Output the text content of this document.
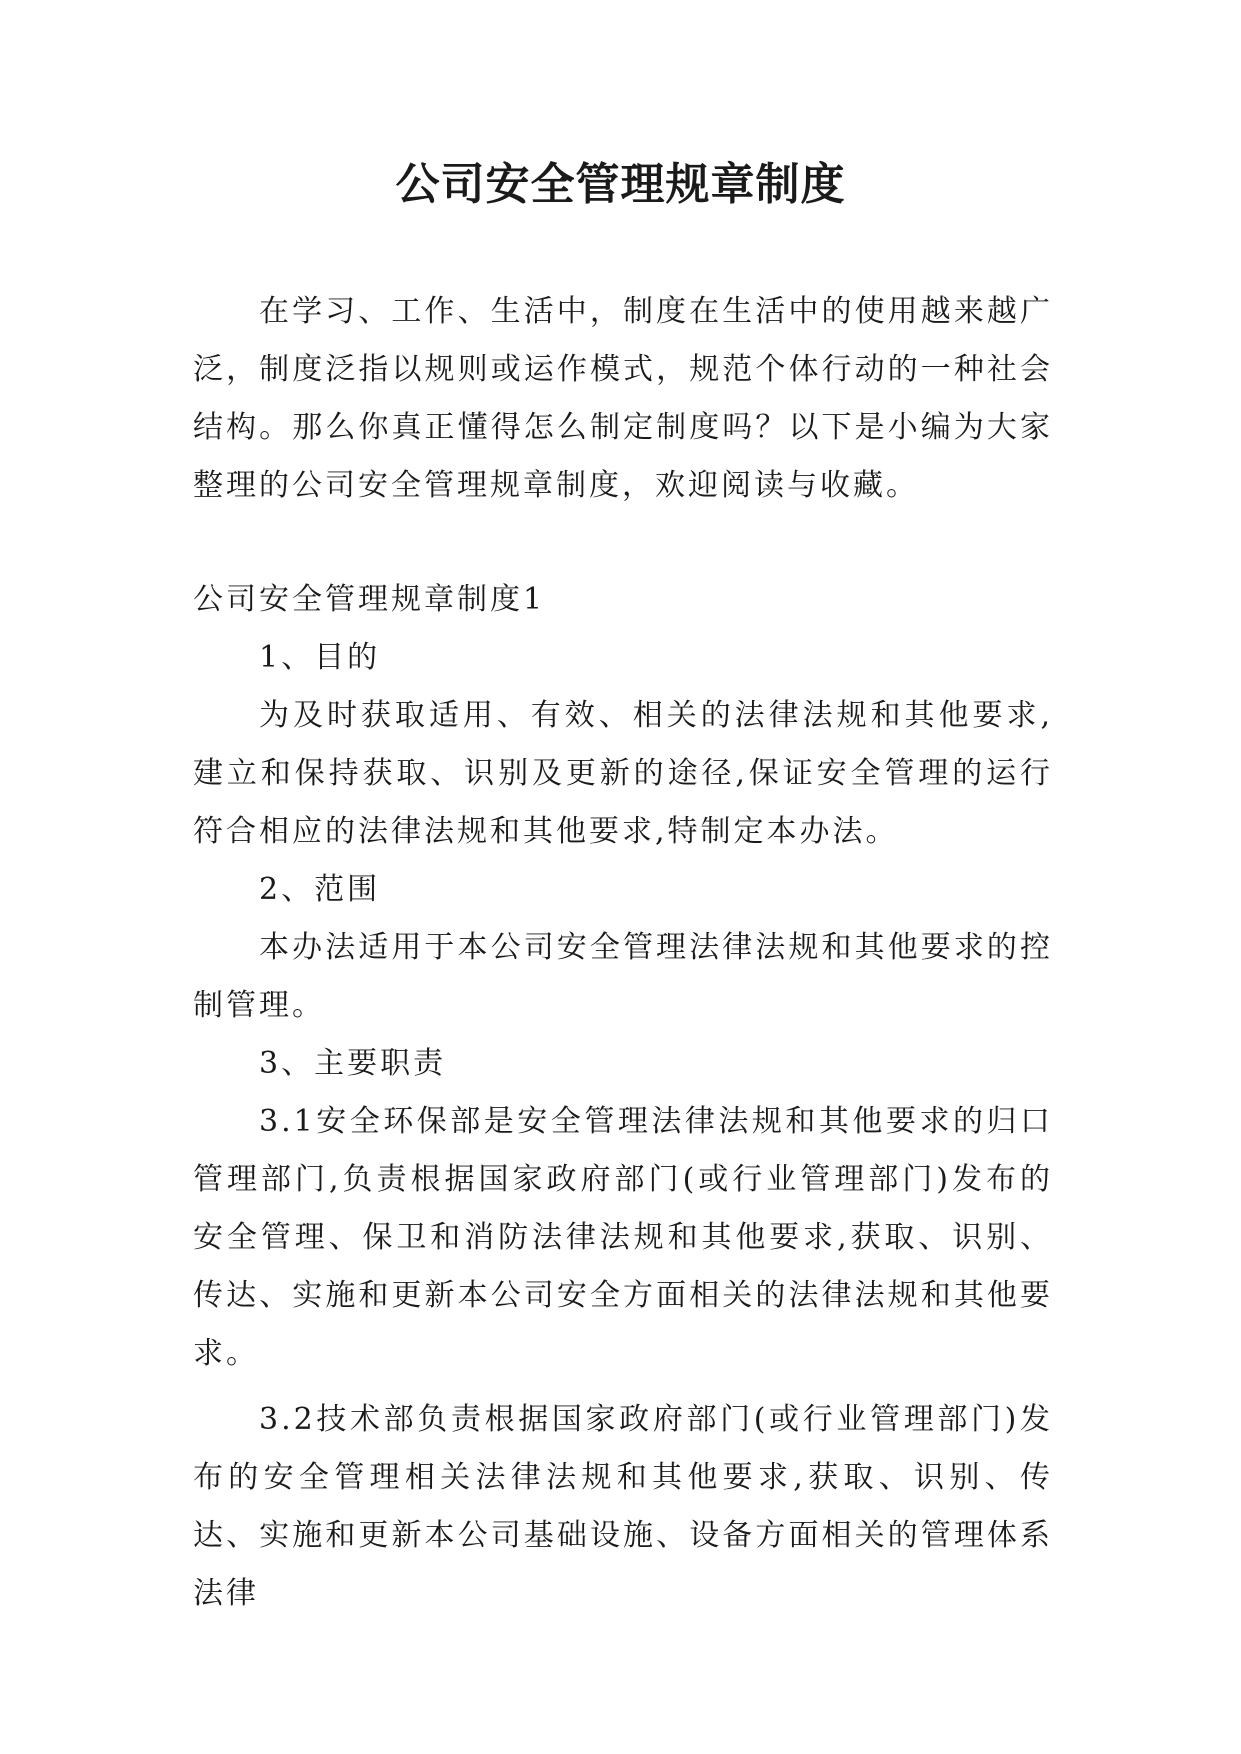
公司安全管理规章制度

在学习、工作、生活中，制度在生活中的使用越来越广泛，制度泛指以规则或运作模式，规范个体行动的一种社会结构。那么你真正懂得怎么制定制度吗？以下是小编为大家整理的公司安全管理规章制度，欢迎阅读与收藏。

公司安全管理规章制度1

1、目的

为及时获取适用、有效、相关的法律法规和其他要求,建立和保持获取、识别及更新的途径,保证安全管理的运行符合相应的法律法规和其他要求,特制定本办法。

2、范围

本办法适用于本公司安全管理法律法规和其他要求的控制管理。

3、主要职责

3.1安全环保部是安全管理法律法规和其他要求的归口管理部门,负责根据国家政府部门(或行业管理部门)发布的安全管理、保卫和消防法律法规和其他要求,获取、识别、传达、实施和更新本公司安全方面相关的法律法规和其他要求。

3.2技术部负责根据国家政府部门(或行业管理部门)发布的安全管理相关法律法规和其他要求,获取、识别、传达、实施和更新本公司基础设施、设备方面相关的管理体系法律
